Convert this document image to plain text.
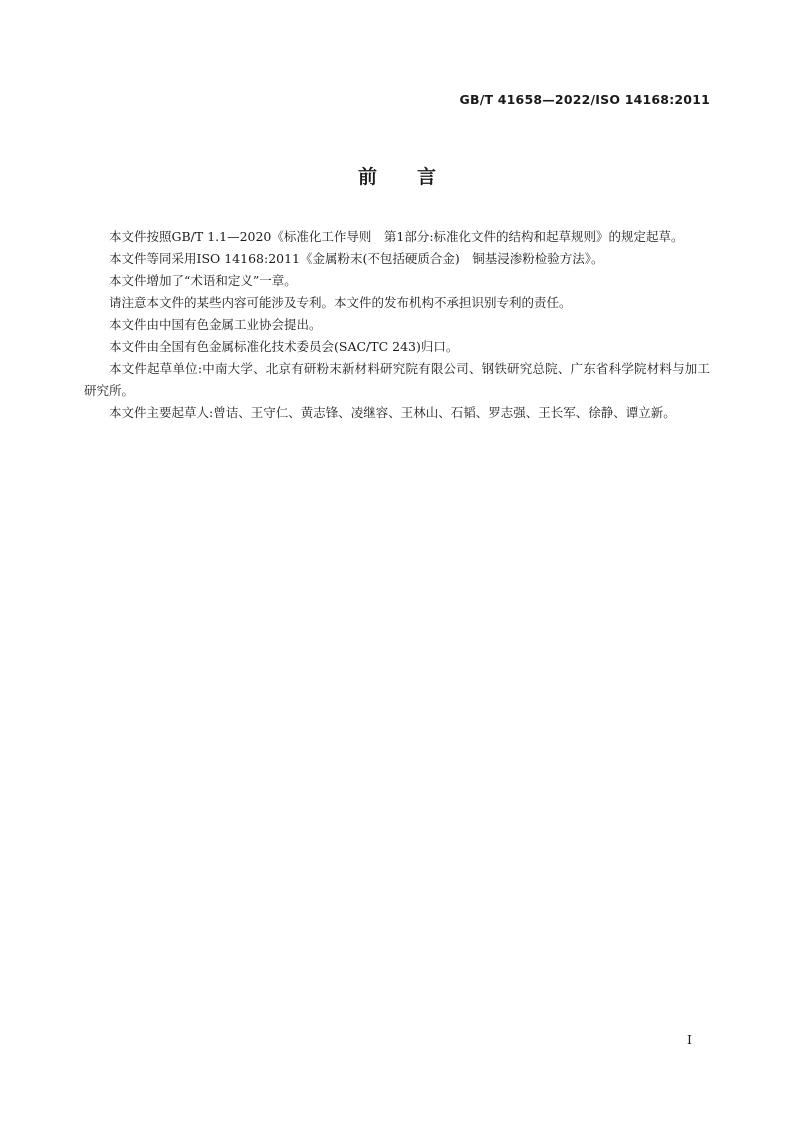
GB/T 41658—2022/ISO 14168:2011
前言

本文件按照GB/T 1.1—2020《标准化工作导则　第1部分:标准化文件的结构和起草规则》的规定起草。

本文件等同采用ISO 14168:2011《金属粉末(不包括硬质合金)　铜基浸渗粉检验方法》。

本文件增加了“术语和定义”一章。

请注意本文件的某些内容可能涉及专利。本文件的发布机构不承担识别专利的责任。

本文件由中国有色金属工业协会提出。

本文件由全国有色金属标准化技术委员会(SAC/TC 243)归口。

本文件起草单位:中南大学、北京有研粉末新材料研究院有限公司、钢铁研究总院、广东省科学院材料与加工研究所。

本文件主要起草人:曾诘、王守仁、黄志锋、凌继容、王林山、石韬、罗志强、王长军、徐静、谭立新。

I
